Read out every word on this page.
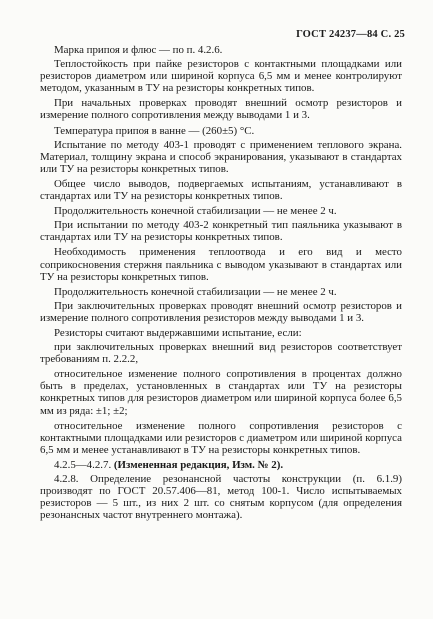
ГОСТ 24237—84 С. 25

Марка припоя и флюс — по п. 4.2.6.

Теплостойкость при пайке резисторов с контактными площадками или резисторов диаметром или шириной корпуса 6,5 мм и менее контролируют методом, указанным в ТУ на резисторы конкретных типов.

При начальных проверках проводят внешний осмотр резисторов и измерение полного сопротивления между выводами 1 и 3.

Температура припоя в ванне — (260±5) °С.

Испытание по методу 403-1 проводят с применением теплового экрана. Материал, толщину экрана и способ экранирования, указывают в стандартах или ТУ на резисторы конкретных типов.

Общее число выводов, подвергаемых испытаниям, устанавливают в стандартах или ТУ на резисторы конкретных типов.

Продолжительность конечной стабилизации — не менее 2 ч.

При испытании по методу 403-2 конкретный тип паяльника указывают в стандартах или ТУ на резисторы конкретных типов.

Необходимость применения теплоотвода и его вид и место соприкосновения стержня паяльника с выводом указывают в стандартах или ТУ на резисторы конкретных типов.

Продолжительность конечной стабилизации — не менее 2 ч.

При заключительных проверках проводят внешний осмотр резисторов и измерение полного сопротивления резисторов между выводами 1 и 3.

Резисторы считают выдержавшими испытание, если:

при заключительных проверках внешний вид резисторов соответствует требованиям п. 2.2.2,

относительное изменение полного сопротивления в процентах должно быть в пределах, установленных в стандартах или ТУ на резисторы конкретных типов для резисторов диаметром или шириной корпуса более 6,5 мм из ряда: ±1; ±2;

относительное изменение полного сопротивления резисторов с контактными площадками или резисторов с диаметром или шириной корпуса 6,5 мм и менее устанавливают в ТУ на резисторы конкретных типов.

4.2.5—4.2.7. (Измененная редакция, Изм. № 2).

4.2.8. Определение резонансной частоты конструкции (п. 6.1.9) производят по ГОСТ 20.57.406—81, метод 100-1. Число испытываемых резисторов — 5 шт., из них 2 шт. со снятым корпусом (для определения резонансных частот внутреннего монтажа).
